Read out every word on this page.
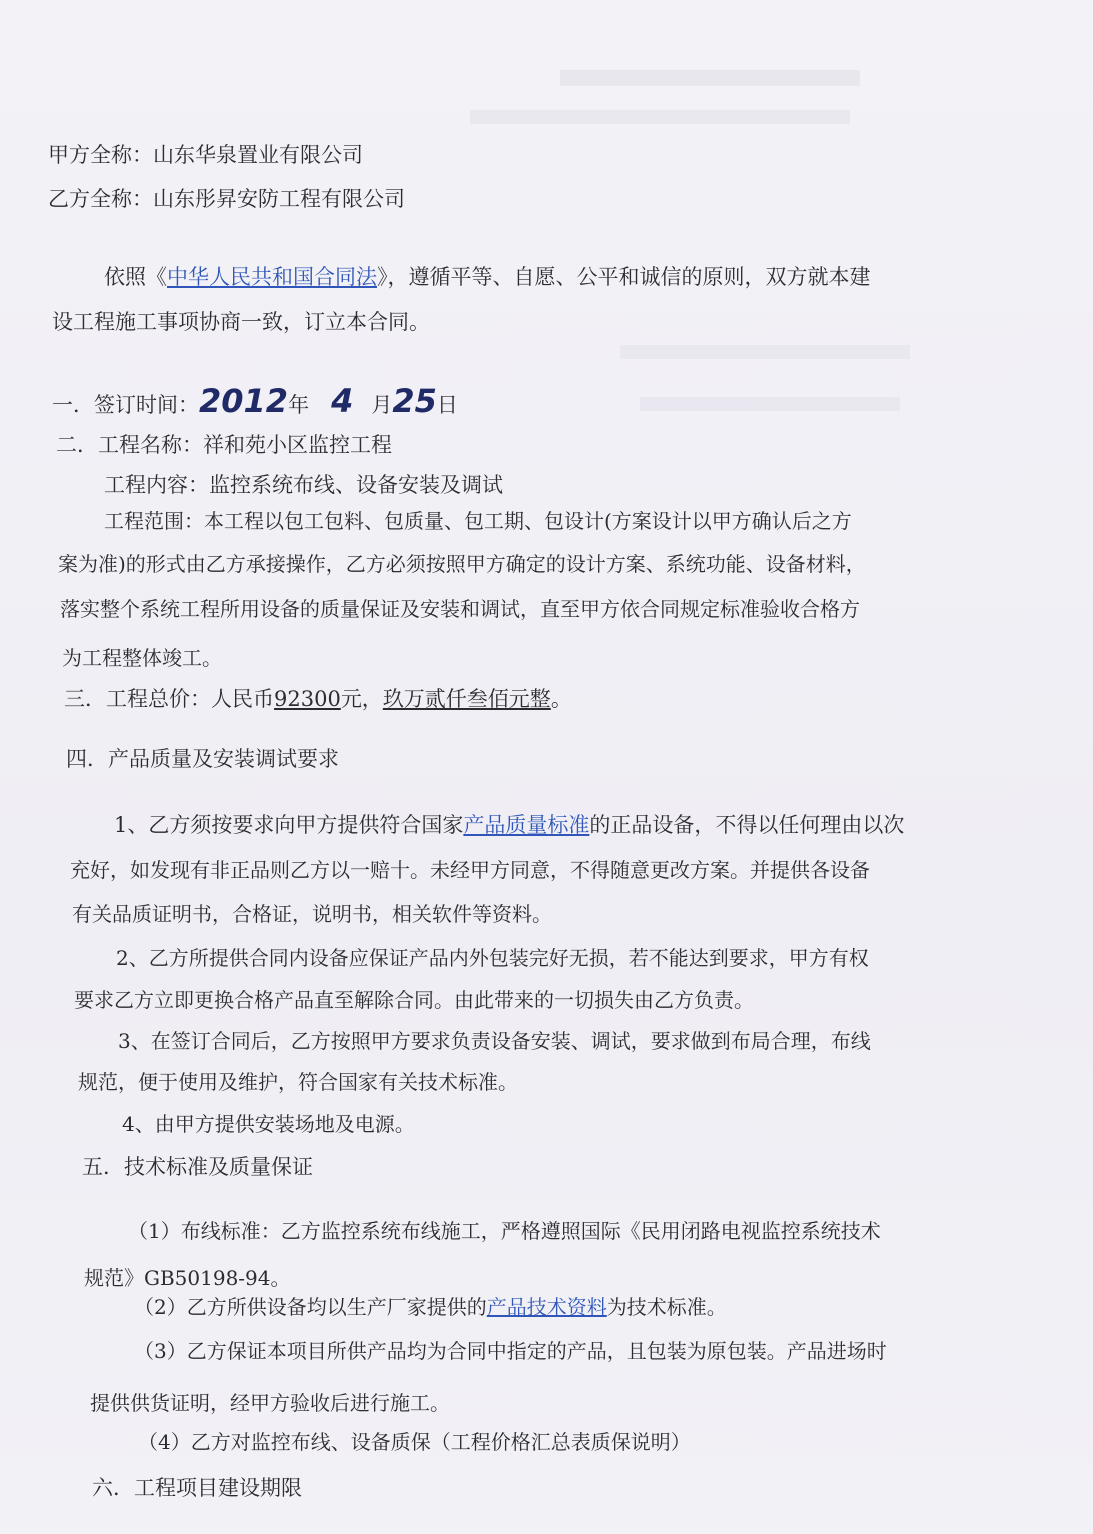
甲方全称：山东华泉置业有限公司
乙方全称：山东彤昇安防工程有限公司
依照《中华人民共和国合同法》，遵循平等、自愿、公平和诚信的原则，双方就本建
设工程施工事项协商一致，订立本合同。
一．签订时间：2012年 4 月25日
二．工程名称：祥和苑小区监控工程
工程内容：监控系统布线、设备安装及调试
工程范围：本工程以包工包料、包质量、包工期、包设计(方案设计以甲方确认后之方
案为准)的形式由乙方承接操作，乙方必须按照甲方确定的设计方案、系统功能、设备材料，
落实整个系统工程所用设备的质量保证及安装和调试，直至甲方依合同规定标准验收合格方
为工程整体竣工。
三．工程总价：人民币92300元，玖万贰仟叁佰元整。
四．产品质量及安装调试要求
1、乙方须按要求向甲方提供符合国家产品质量标准的正品设备，不得以任何理由以次
充好，如发现有非正品则乙方以一赔十。未经甲方同意，不得随意更改方案。并提供各设备
有关品质证明书，合格证，说明书，相关软件等资料。
2、乙方所提供合同内设备应保证产品内外包装完好无损，若不能达到要求，甲方有权
要求乙方立即更换合格产品直至解除合同。由此带来的一切损失由乙方负责。
3、在签订合同后，乙方按照甲方要求负责设备安装、调试，要求做到布局合理，布线
规范，便于使用及维护，符合国家有关技术标准。
4、由甲方提供安装场地及电源。
五．技术标准及质量保证
（1）布线标准：乙方监控系统布线施工，严格遵照国际《民用闭路电视监控系统技术
规范》GB50198-94。
（2）乙方所供设备均以生产厂家提供的产品技术资料为技术标准。
（3）乙方保证本项目所供产品均为合同中指定的产品，且包装为原包装。产品进场时
提供供货证明，经甲方验收后进行施工。
（4）乙方对监控布线、设备质保（工程价格汇总表质保说明）
六．工程项目建设期限
